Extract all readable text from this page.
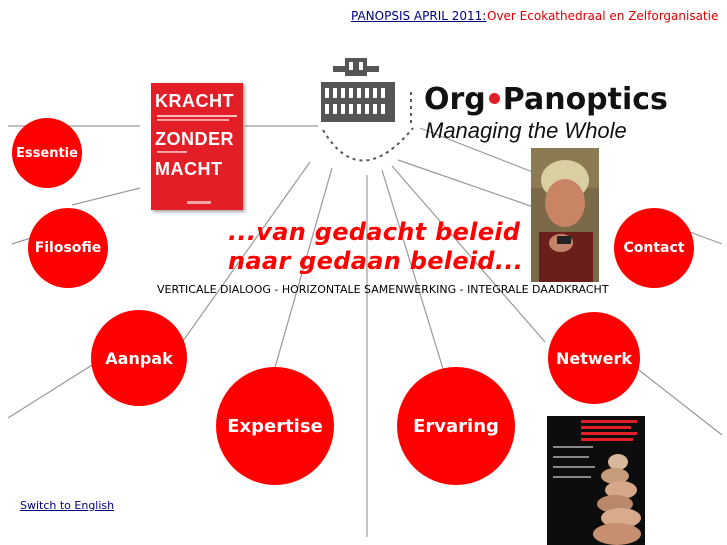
PANOPSIS APRIL 2011: Over Ecokathedraal en Zelforganisatie
Org Panoptics
Managing the Whole
KRACHT
ZONDER
MACHT
...van gedacht beleid
naar gedaan beleid...
VERTICALE DIALOOG - HORIZONTALE SAMENWERKING - INTEGRALE DAADKRACHT
Essentie
Filosofie
Aanpak
Expertise	Ervaring
Netwerk
Contact
Switch to English
